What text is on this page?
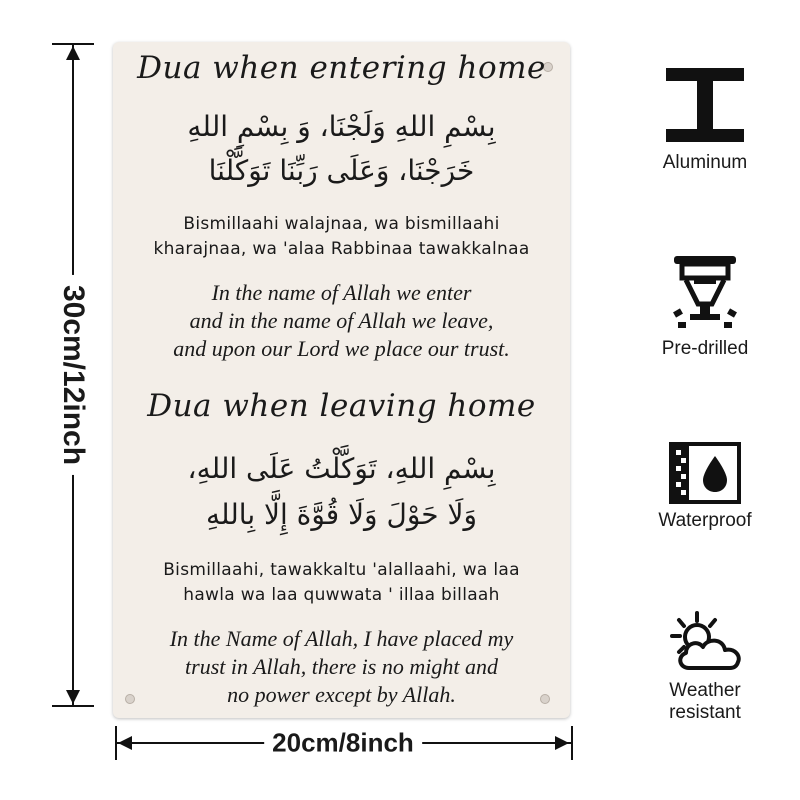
30cm/12inch
20cm/8inch
Dua when entering home
بِسْمِ اللهِ وَلَجْنَا، وَ بِسْمِ اللهِ
خَرَجْنَا، وَعَلَى رَبِّنَا تَوَكَّلْنَا
Bismillaahi walajnaa, wa bismillaahi
kharajnaa, wa 'alaa Rabbinaa tawakkalnaa
In the name of Allah we enter
and in the name of Allah we leave,
and upon our Lord we place our trust.
Dua when leaving home
بِسْمِ اللهِ، تَوَكَّلْتُ عَلَى اللهِ،
وَلَا حَوْلَ وَلَا قُوَّةَ إِلَّا بِاللهِ
Bismillaahi, tawakkaltu 'alallaahi, wa laa
hawla wa laa quwwata ' illaa billaah
In the Name of Allah, I have placed my
trust in Allah, there is no might and
no power except by Allah.
Aluminum
Pre-drilled
Waterproof
Weather
resistant
